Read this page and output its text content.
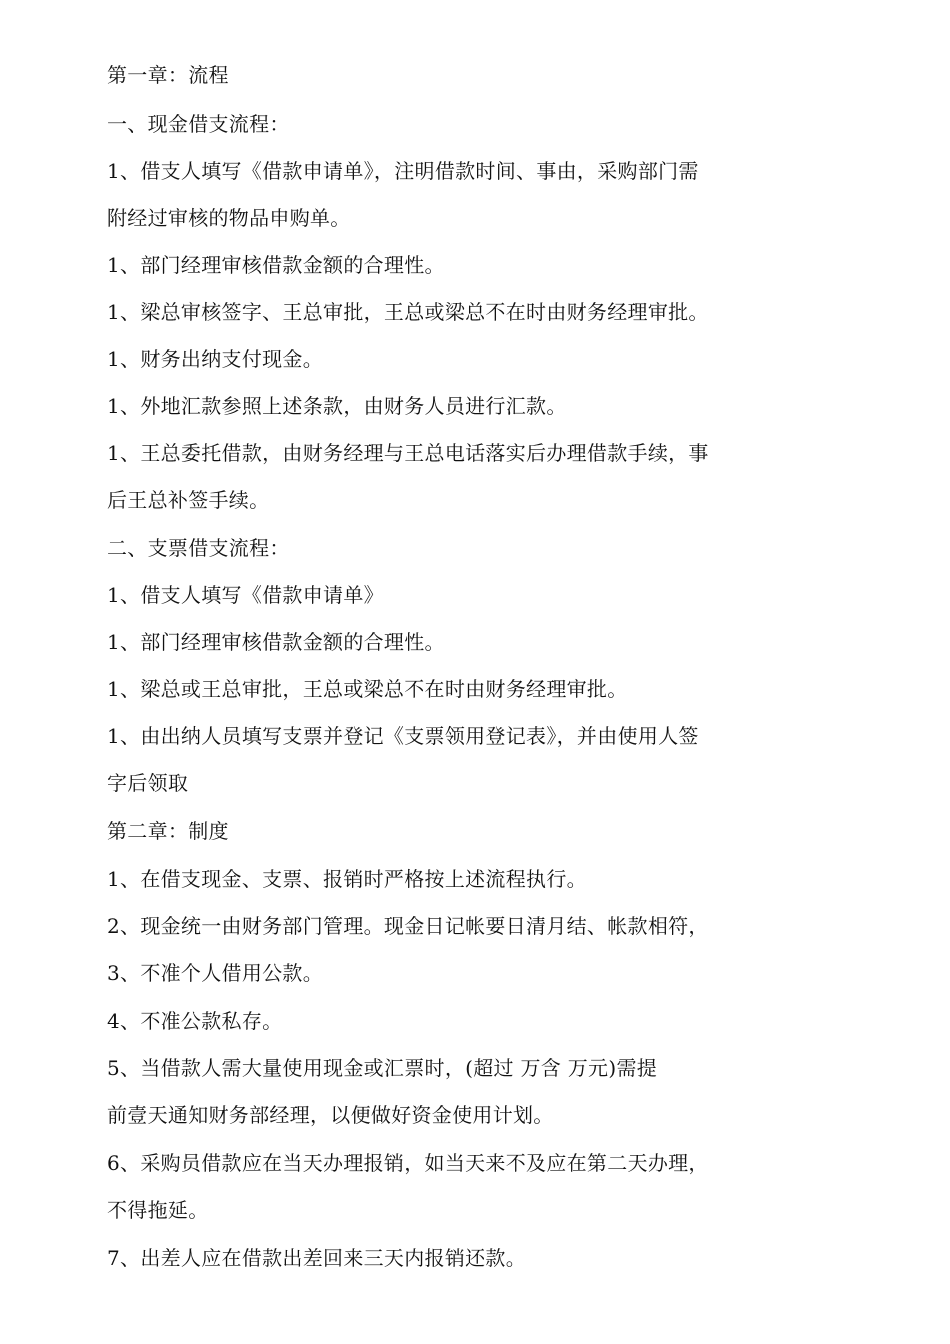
第一章：流程

一、现金借支流程：

1、借支人填写《借款申请单》，注明借款时间、事由，采购部门需

附经过审核的物品申购单。

1、部门经理审核借款金额的合理性。

1、梁总审核签字、王总审批，王总或梁总不在时由财务经理审批。

1、财务出纳支付现金。

1、外地汇款参照上述条款，由财务人员进行汇款。

1、王总委托借款，由财务经理与王总电话落实后办理借款手续，事

后王总补签手续。

二、支票借支流程：

1、借支人填写《借款申请单》

1、部门经理审核借款金额的合理性。

1、梁总或王总审批，王总或梁总不在时由财务经理审批。

1、由出纳人员填写支票并登记《支票领用登记表》，并由使用人签

字后领取

第二章：制度

1、在借支现金、支票、报销时严格按上述流程执行。

2、现金统一由财务部门管理。现金日记帐要日清月结、帐款相符，

3、不准个人借用公款。

4、不准公款私存。

5、当借款人需大量使用现金或汇票时，(超过 万含 万元)需提

前壹天通知财务部经理，以便做好资金使用计划。

6、采购员借款应在当天办理报销，如当天来不及应在第二天办理，

不得拖延。

7、出差人应在借款出差回来三天内报销还款。
